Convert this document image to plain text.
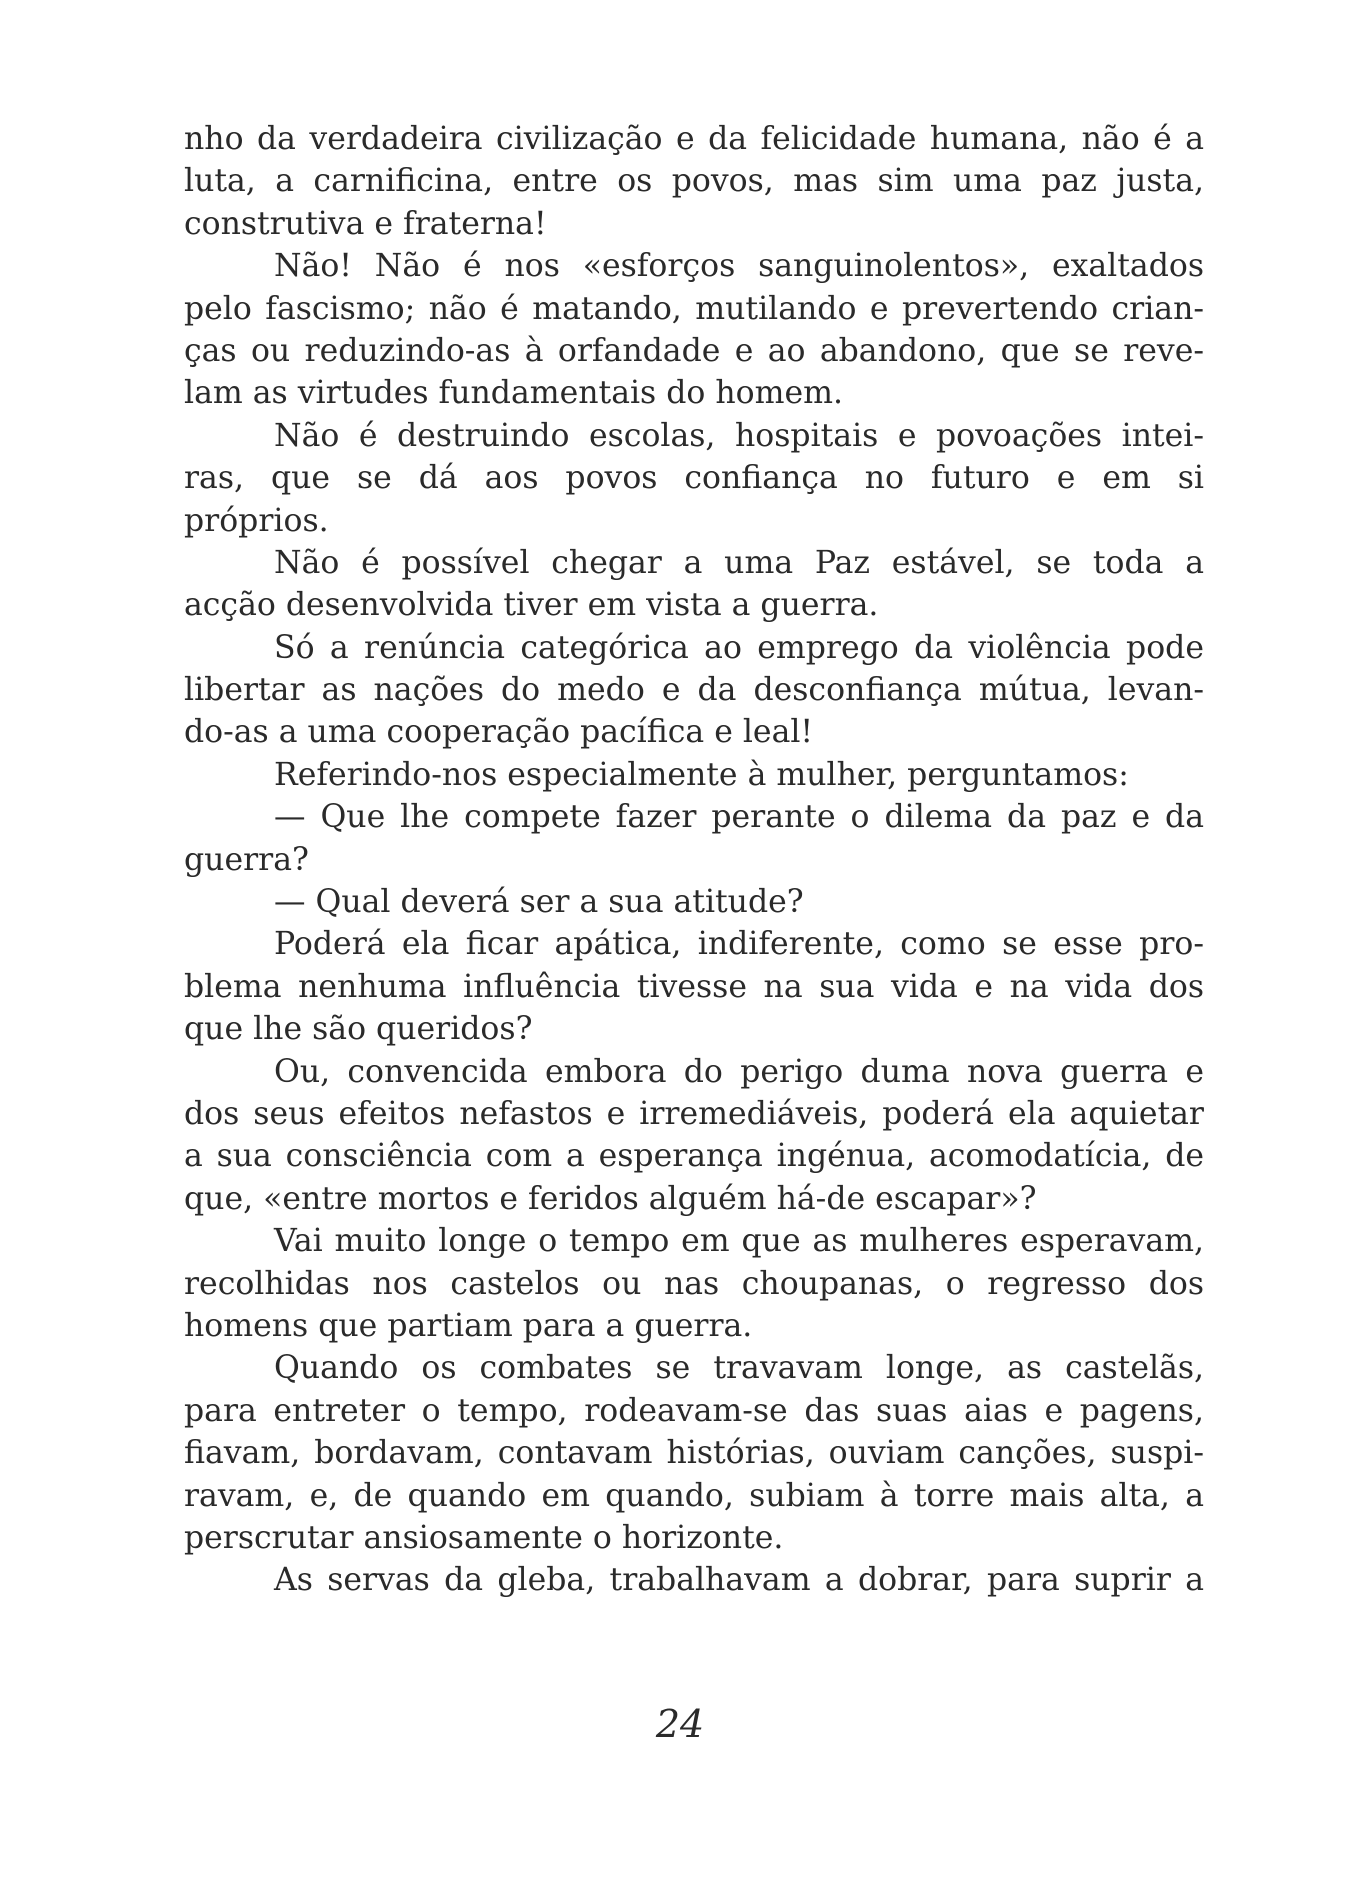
nho da verdadeira civilização e da felicidade humana, não é a
luta, a carnificina, entre os povos, mas sim uma paz justa,
construtiva e fraterna!
Não! Não é nos «esforços sanguinolentos», exaltados
pelo fascismo; não é matando, mutilando e prevertendo crian-
ças ou reduzindo-as à orfandade e ao abandono, que se reve-
lam as virtudes fundamentais do homem.
Não é destruindo escolas, hospitais e povoações intei-
ras, que se dá aos povos confiança no futuro e em si
próprios.
Não é possível chegar a uma Paz estável, se toda a
acção desenvolvida tiver em vista a guerra.
Só a renúncia categórica ao emprego da violência pode
libertar as nações do medo e da desconfiança mútua, levan-
do-as a uma cooperação pacífica e leal!
Referindo-nos especialmente à mulher, perguntamos:
— Que lhe compete fazer perante o dilema da paz e da
guerra?
— Qual deverá ser a sua atitude?
Poderá ela ficar apática, indiferente, como se esse pro-
blema nenhuma influência tivesse na sua vida e na vida dos
que lhe são queridos?
Ou, convencida embora do perigo duma nova guerra e
dos seus efeitos nefastos e irremediáveis, poderá ela aquietar
a sua consciência com a esperança ingénua, acomodatícia, de
que, «entre mortos e feridos alguém há-de escapar»?
Vai muito longe o tempo em que as mulheres esperavam,
recolhidas nos castelos ou nas choupanas, o regresso dos
homens que partiam para a guerra.
Quando os combates se travavam longe, as castelãs,
para entreter o tempo, rodeavam-se das suas aias e pagens,
fiavam, bordavam, contavam histórias, ouviam canções, suspi-
ravam, e, de quando em quando, subiam à torre mais alta, a
perscrutar ansiosamente o horizonte.
As servas da gleba, trabalhavam a dobrar, para suprir a
24
